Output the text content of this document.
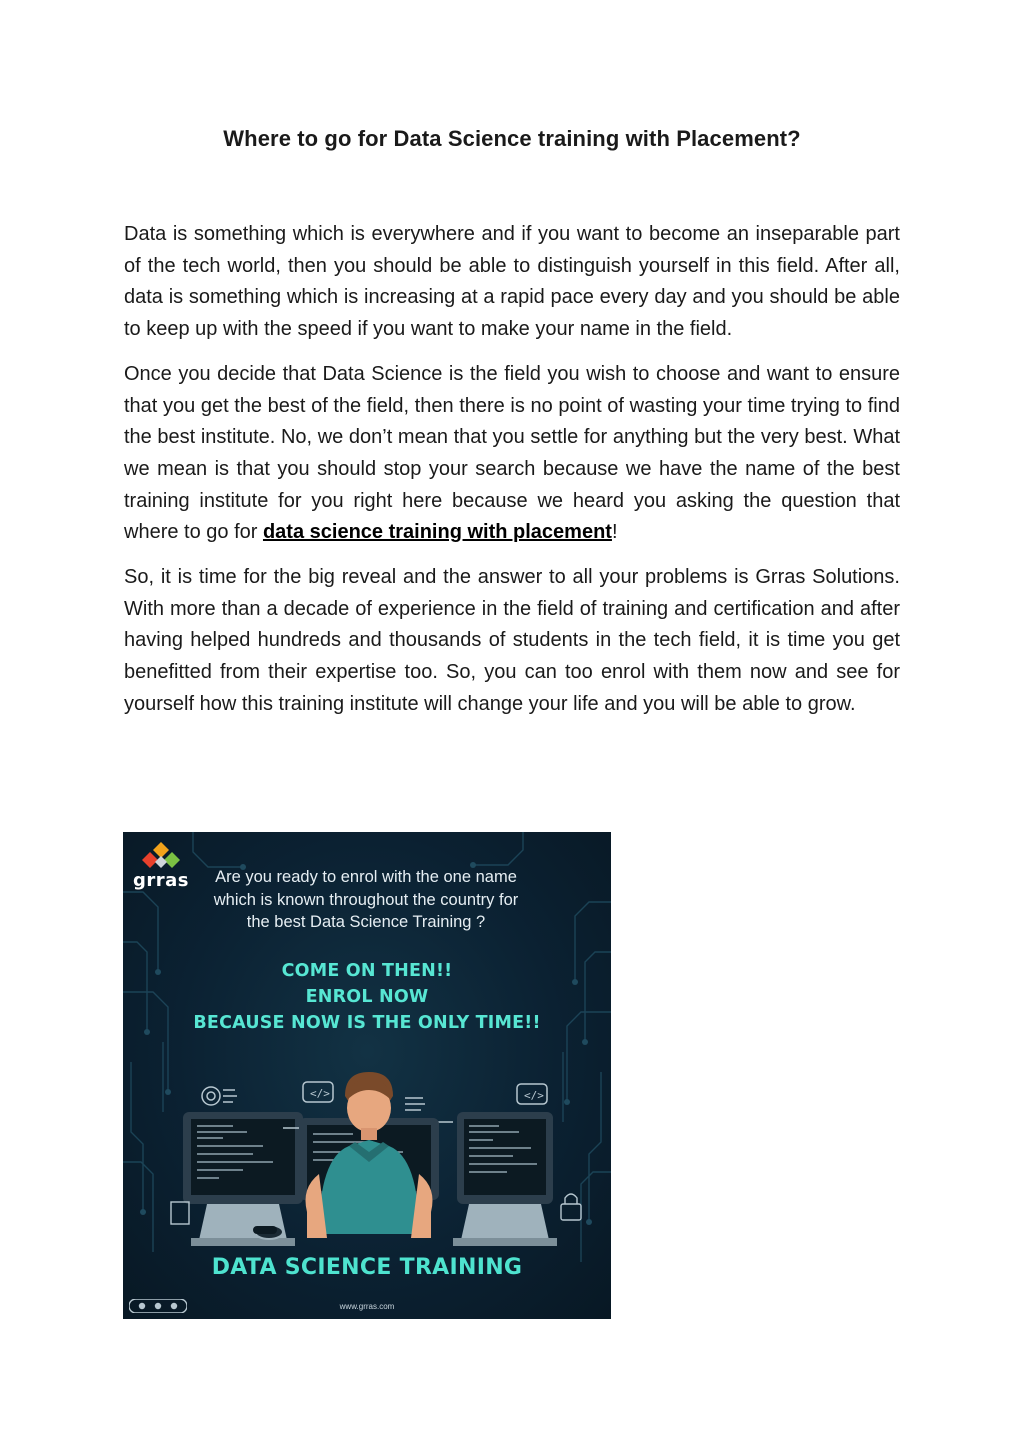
Where to go for Data Science training with Placement?

Data is something which is everywhere and if you want to become an inseparable part of the tech world, then you should be able to distinguish yourself in this field. After all, data is something which is increasing at a rapid pace every day and you should be able to keep up with the speed if you want to make your name in the field.

Once you decide that Data Science is the field you wish to choose and want to ensure that you get the best of the field, then there is no point of wasting your time trying to find the best institute. No, we don’t mean that you settle for anything but the very best. What we mean is that you should stop your search because we have the name of the best training institute for you right here because we heard you asking the question that where to go for data science training with placement!

So, it is time for the big reveal and the answer to all your problems is Grras Solutions. With more than a decade of experience in the field of training and certification and after having helped hundreds and thousands of students in the tech field, it is time you get benefitted from their expertise too. So, you can too enrol with them now and see for yourself how this training institute will change your life and you will be able to grow.

grras	Are you ready to enrol with the one name which is known throughout the country for the best Data Science Training ?
COME ON THEN!!
ENROL NOW
BECAUSE NOW IS THE ONLY TIME!!
</>	</>
DATA SCIENCE TRAINING
www.grras.com
